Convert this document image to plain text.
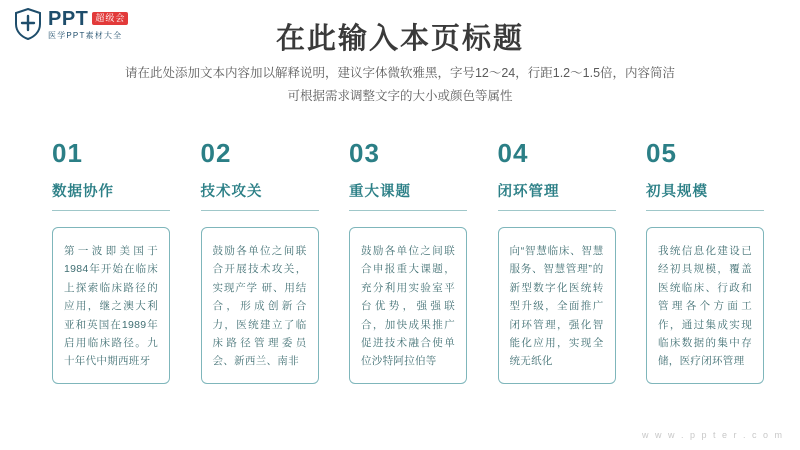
PPT 超级会
医学PPT素材大全	在此输入本页标题
请在此处添加文本内容加以解释说明，建议字体微软雅黑，字号12～24，行距1.2～1.5倍，内容简洁
可根据需求调整文字的大小或颜色等属性
01
数据协作
第一波即美国于1984年开始在临床上探索临床路径的应用，继之澳大利亚和英国在1989年启用临床路径。九十年代中期西班牙
02
技术攻关
鼓励各单位之间联合开展技术攻关，实现产学 研、用结合，形成创新合力，医统建立了临床路径管理委员会、新西兰、南非
03
重大课题
鼓励各单位之间联合申报重大课题，充分利用实验室平台优势，强强联合，加快成果推广促进技术融合使单位沙特阿拉伯等
04
闭环管理
向“智慧临床、智慧服务、智慧管理”的新型数字化医统转型升级，全面推广闭环管理，强化智能化应用，实现全统无纸化
05
初具规模
我统信息化建设已经初具规模，覆盖医统临床、行政和管理各个方面工作，通过集成实现临床数据的集中存储，医疗闭环管理
w w w . p p t e r . c o m
